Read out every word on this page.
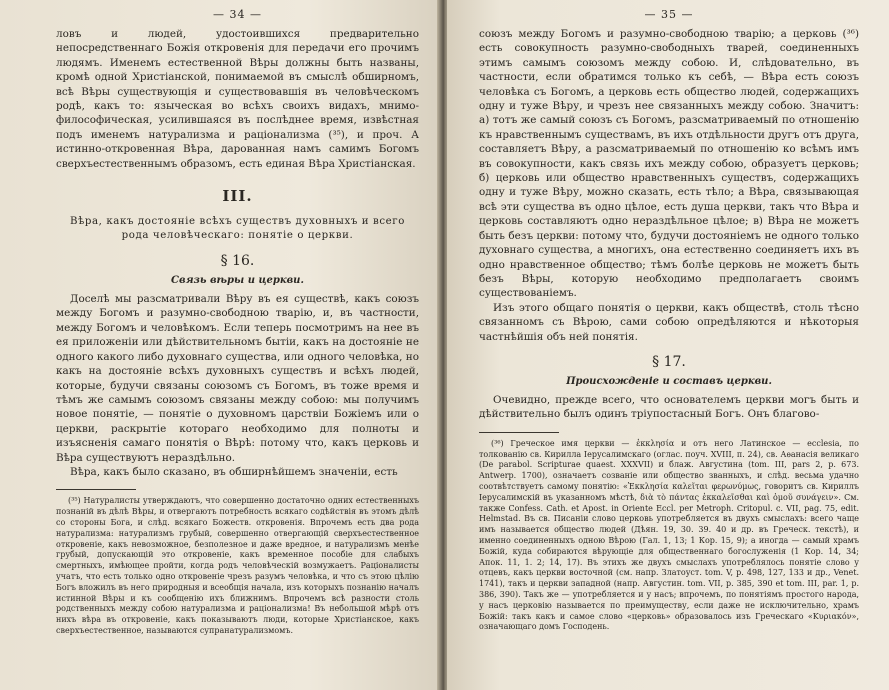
— 34 —

ловъ и людей, удостоившихся предварительно непосредственнаго Божія откровенія для передачи его прочимъ людямъ. Именемъ естественной Вѣры должны быть названы, кромѣ одной Христіанской, понимаемой въ смыслѣ обширномъ, всѣ Вѣры существующія и существовавшія въ человѣческомъ родѣ, какъ то: языческая во всѣхъ своихъ видахъ, мнимо-философическая, усилившаяся въ послѣднее время, извѣстная подъ именемъ натурализма и раціонализма (³⁵), и проч. А истинно-откровенная Вѣра, дарованная намъ самимъ Богомъ сверхъестественнымъ образомъ, есть единая Вѣра Христіанская.

III.
Вѣра, какъ достояніе всѣхъ существъ духовныхъ и всего рода человѣческаго: понятіе о церкви.
§ 16.
Связь вѣры и церкви.

Доселѣ мы разсматривали Вѣру въ ея существѣ, какъ союзъ между Богомъ и разумно-свободною тварію, и, въ частности, между Богомъ и человѣкомъ. Если теперь посмотримъ на нее въ ея приложеніи или дѣйствительномъ бытіи, какъ на достояніе не одного какого либо духовнаго существа, или одного человѣка, но какъ на достояніе всѣхъ духовныхъ существъ и всѣхъ людей, которые, будучи связаны союзомъ съ Богомъ, въ тоже время и тѣмъ же самымъ союзомъ связаны между собою: мы получимъ новое понятіе, — понятіе о духовномъ царствіи Божіемъ или о церкви, раскрытіе котораго необходимо для полноты и изъясненія самаго понятія о Вѣрѣ: потому что, какъ церковь и Вѣра существуютъ нераздѣльно.

Вѣра, какъ было сказано, въ обширнѣйшемъ значеніи, есть

(³⁵) Натуралисты утверждаютъ, что совершенно достаточно одних естественныхъ познаній въ дѣлѣ Вѣры, и отвергаютъ потребность всякаго содѣйствія въ этомъ дѣлѣ со стороны Бога, и слѣд. всякаго Божеств. откровенія. Впрочемъ есть два рода натурализма: натурализмъ грубый, совершенно отвергающій сверхъестественное откровеніе, какъ невозможное, безполезное и даже вредное, и натурализмъ менѣе грубый, допускающій это откровеніе, какъ временное пособіе для слабыхъ смертныхъ, имѣющее пройти, когда родъ человѣческій возмужаетъ. Раціоналисты учатъ, что есть только одно откровеніе чрезъ разумъ человѣка, и что съ этою цѣлію Богъ вложилъ въ него природныя и всеобщія начала, изъ которыхъ познанію началъ истинной Вѣры и къ сообщенію ихъ ближнимъ. Впрочемъ всѣ разности столь родственныхъ между собою натурализма и раціонализма! Въ небольшой мѣрѣ отъ нихъ вѣра въ откровеніе, какъ показываютъ люди, которые Христіанское, какъ сверхъестественное, называются супранатурализмомъ.

— 35 —

союзъ между Богомъ и разумно-свободною тварію; а церковь (³⁶) есть совокупность разумно-свободныхъ тварей, соединенныхъ этимъ самымъ союзомъ между собою. И, слѣдовательно, въ частности, если обратимся только къ себѣ, — Вѣра есть союзъ человѣка съ Богомъ, а церковь есть общество людей, содержащихъ одну и туже Вѣру, и чрезъ нее связанныхъ между собою. Значитъ: а) тотъ же самый союзъ съ Богомъ, разсматриваемый по отношенію къ нравственнымъ существамъ, въ ихъ отдѣльности другъ отъ друга, составляетъ Вѣру, а разсматриваемый по отношенію ко всѣмъ имъ въ совокупности, какъ связь ихъ между собою, образуетъ церковь; б) церковь или общество нравственныхъ существъ, содержащихъ одну и туже Вѣру, можно сказать, есть тѣло; а Вѣра, связывающая всѣ эти существа въ одно цѣлое, есть душа церкви, такъ что Вѣра и церковь составляютъ одно нераздѣльное цѣлое; в) Вѣра не можетъ быть безъ церкви: потому что, будучи достояніемъ не одного только духовнаго существа, а многихъ, она естественно соединяетъ ихъ въ одно нравственное общество; тѣмъ болѣе церковь не можетъ быть безъ Вѣры, которую необходимо предполагаетъ своимъ существованіемъ.

Изъ этого общаго понятія о церкви, какъ обществѣ, столь тѣсно связанномъ съ Вѣрою, сами собою опредѣляются и нѣкоторыя частнѣйшія объ ней понятія.

§ 17.
Происхожденіе и составъ церкви.

Очевидно, прежде всего, что основателемъ церкви могъ быть и дѣйствительно былъ одинъ тріупостасный Богъ. Онъ благово-

(³⁶) Греческое имя церкви — ἐκκλησία и отъ него Латинское — ecclesia, по толкованію св. Кирилла Іерусалимскаго (оглас. поуч. XVIII, п. 24), св. Аѳанасія великаго (De parabol. Scripturae quaest. XXXVII) и блаж. Августина (tom. III, pars 2, p. 673. Antwerp. 1700), означаетъ созваніе или общество званныхъ, и слѣд. весьма удачно соотвѣтствуетъ самому понятію: «Ἐκκλησία καλεῖται φερωνύμως, говоритъ св. Кириллъ Іерусалимскій въ указанномъ мѣстѣ, διὰ τὸ πάντας ἐκκαλεῖσθαι καὶ ὁμοῦ συνάγειν». См. также Confess. Cath. et Apost. in Oriente Eccl. per Metroph. Critopul. c. VII, pag. 75, edit. Helmstad. Въ св. Писаніи слово церковь употребляется въ двухъ смыслахъ: всего чаще имъ называется общество людей (Дѣян. 19, 30. 39. 40 и др. въ Греческ. текстѣ), и именно соединенныхъ одною Вѣрою (Гал. 1, 13; 1 Кор. 15, 9); а иногда — самый храмъ Божій, куда собираются вѣрующіе для общественнаго богослуженія (1 Кор. 14, 34; Апок. 11, 1. 2; 14, 17). Въ этихъ же двухъ смыслахъ употреблялось понятіе слово у отцевъ, какъ церкви восточной (см. напр. Златоуст. tom. V, p. 498, 127, 133 и др., Venet. 1741), такъ и церкви западной (напр. Августин. tom. VII, p. 385, 390 et tom. III, par. 1, p. 386, 390). Такъ же — употребляется и у насъ; впрочемъ, по понятіямъ простого народа, у насъ церковію называется по преимуществу, если даже не исключительно, храмъ Божій: такъ какъ и самое слово «церковь» образовалось изъ Греческаго «Κυριακόν», означающаго домъ Господень.
